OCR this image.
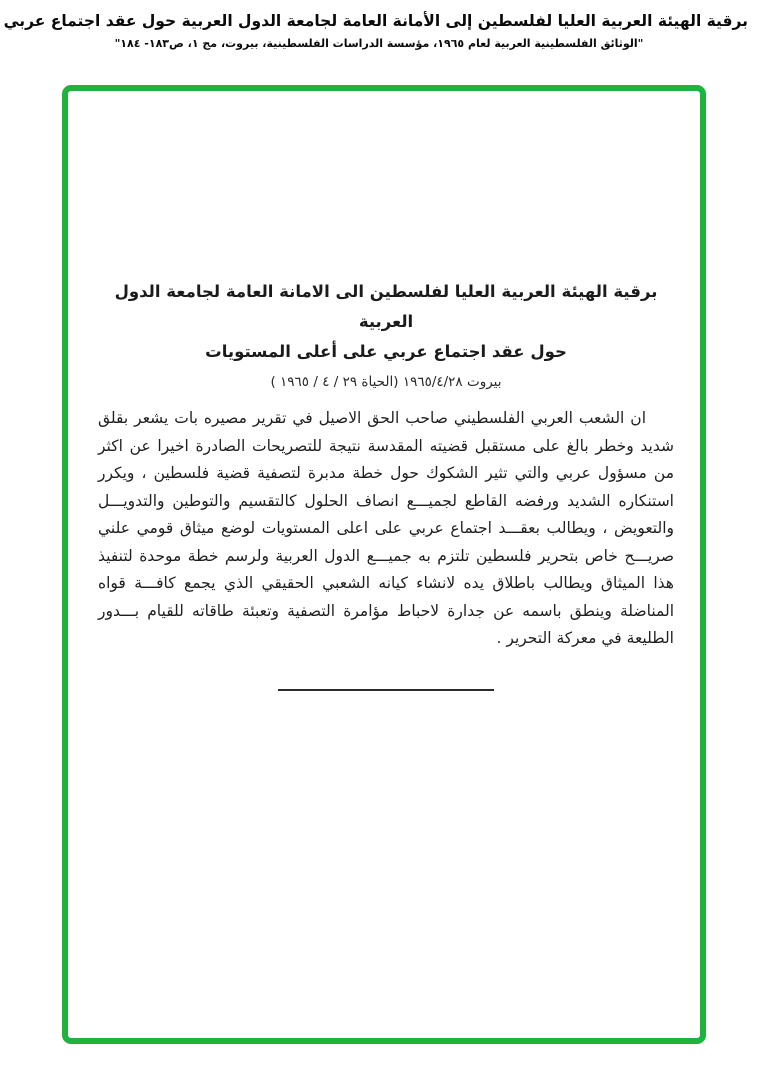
برقية الهيئة العربية العليا لفلسطين إلى الأمانة العامة لجامعة الدول العربية حول عقد اجتماع عربي
"الوثائق الفلسطينية العربية لعام ١٩٦٥، مؤسسة الدراسات الفلسطينية، بيروت، مج ١، ص١٨٣- ١٨٤"
برقية الهيئة العربية العليا لفلسطين الى الامانة العامة لجامعة الدول العربية
حول عقد اجتماع عربي على أعلى المستويات
بيروت ١٩٦٥/٤/٢٨ (الحياة ٢٩ / ٤ / ١٩٦٥ )
ان الشعب العربي الفلسطيني صاحب الحق الاصيل في تقرير مصيره بات يشعر بقلق
شديد وخطر بالغ على مستقبل قضيته المقدسة نتيجة للتصريحات الصادرة اخيرا عن اكثر
من مسؤول عربي والتي تثير الشكوك حول خطة مدبرة لتصفية قضية فلسطين ، ويكرر
استنكاره الشديد ورفضه القاطع لجميـــع انصاف الحلول كالتقسيم والتوطين والتدويـــل
والتعويض ، ويطالب بعقـــد اجتماع عربي على اعلى المستويات لوضع ميثاق قومي علني
صريـــح خاص بتحرير فلسطين تلتزم به جميـــع الدول العربية ولرسم خطة موحدة لتنفيذ
هذا الميثاق ويطالب باطلاق يده لانشاء كيانه الشعبي الحقيقي الذي يجمع كافـــة قواه
المناضلة وينطق باسمه عن جدارة لاحباط مؤامرة التصفية وتعبئة طاقاته للقيام بـــدور
الطليعة في معركة التحرير .
